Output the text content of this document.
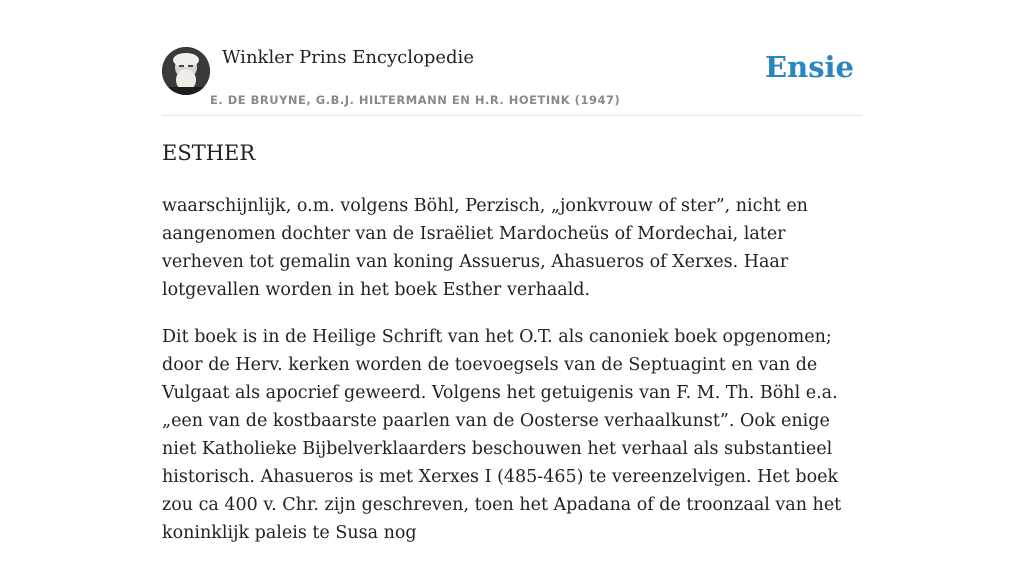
Winkler Prins Encyclopedie
E. DE BRUYNE, G.B.J. HILTERMANN EN H.R. HOETINK (1947)
Ensie
ESTHER

waarschijnlijk, o.m. volgens Böhl, Perzisch, „jonkvrouw of ster”, nicht en aangenomen dochter van de Israëliet Mardocheüs of Mordechai, later verheven tot gemalin van koning Assuerus, Ahasueros of Xerxes. Haar lotgevallen worden in het boek Esther verhaald.

Dit boek is in de Heilige Schrift van het O.T. als canoniek boek opgenomen; door de Herv. kerken worden de toevoegsels van de Septuagint en van de Vulgaat als apocrief geweerd. Volgens het getuigenis van F. M. Th. Böhl e.a. „een van de kostbaarste paarlen van de Oosterse verhaalkunst”. Ook enige niet Katholieke Bijbelverklaarders beschouwen het verhaal als substantieel historisch. Ahasueros is met Xerxes I (485-465) te vereenzelvigen. Het boek zou ca 400 v. Chr. zijn geschreven, toen het Apadana of de troonzaal van het koninklijk paleis te Susa nog
